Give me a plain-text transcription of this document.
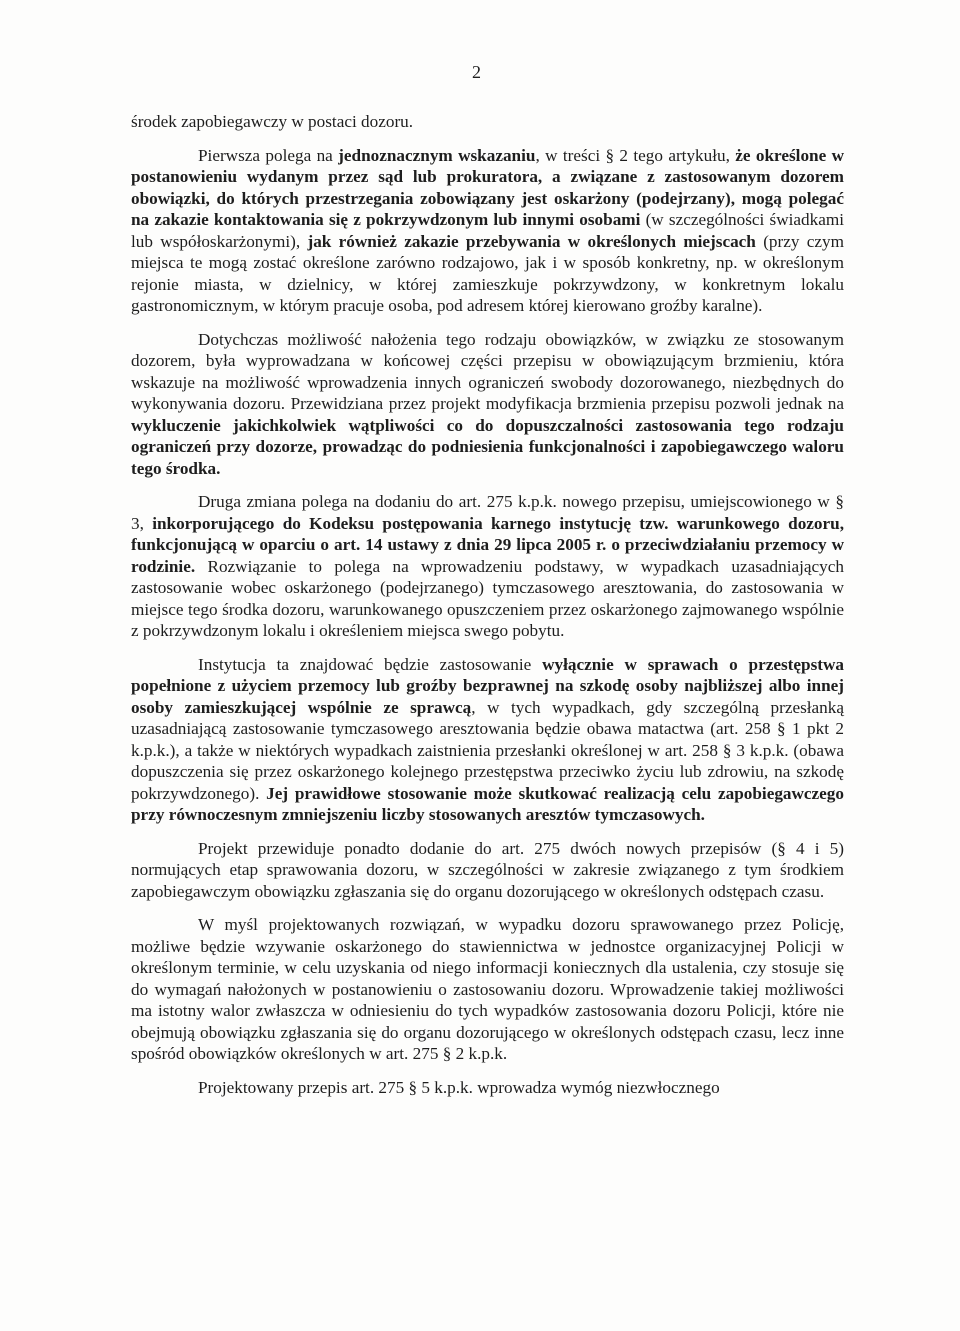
2

środek zapobiegawczy w postaci dozoru.

Pierwsza polega na jednoznacznym wskazaniu, w treści § 2 tego artykułu, że określone w postanowieniu wydanym przez sąd lub prokuratora, a związane z zastosowanym dozorem obowiązki, do których przestrzegania zobowiązany jest oskarżony (podejrzany), mogą polegać na zakazie kontaktowania się z pokrzywdzonym lub innymi osobami (w szczególności świadkami lub współoskarżonymi), jak również zakazie przebywania w określonych miejscach (przy czym miejsca te mogą zostać określone zarówno rodzajowo, jak i w sposób konkretny, np. w określonym rejonie miasta, w dzielnicy, w której zamieszkuje pokrzywdzony, w konkretnym lokalu gastronomicznym, w którym pracuje osoba, pod adresem której kierowano groźby karalne).

Dotychczas możliwość nałożenia tego rodzaju obowiązków, w związku ze stosowanym dozorem, była wyprowadzana w końcowej części przepisu w obowiązującym brzmieniu, która wskazuje na możliwość wprowadzenia innych ograniczeń swobody dozorowanego, niezbędnych do wykonywania dozoru. Przewidziana przez projekt modyfikacja brzmienia przepisu pozwoli jednak na wykluczenie jakichkolwiek wątpliwości co do dopuszczalności zastosowania tego rodzaju ograniczeń przy dozorze, prowadząc do podniesienia funkcjonalności i zapobiegawczego waloru tego środka.

Druga zmiana polega na dodaniu do art. 275 k.p.k. nowego przepisu, umiejscowionego w § 3, inkorporującego do Kodeksu postępowania karnego instytucję tzw. warunkowego dozoru, funkcjonującą w oparciu o art. 14 ustawy z dnia 29 lipca 2005 r. o przeciwdziałaniu przemocy w rodzinie. Rozwiązanie to polega na wprowadzeniu podstawy, w wypadkach uzasadniających zastosowanie wobec oskarżonego (podejrzanego) tymczasowego aresztowania, do zastosowania w miejsce tego środka dozoru, warunkowanego opuszczeniem przez oskarżonego zajmowanego wspólnie z pokrzywdzonym lokalu i określeniem miejsca swego pobytu.

Instytucja ta znajdować będzie zastosowanie wyłącznie w sprawach o przestępstwa popełnione z użyciem przemocy lub groźby bezprawnej na szkodę osoby najbliższej albo innej osoby zamieszkującej wspólnie ze sprawcą, w tych wypadkach, gdy szczególną przesłanką uzasadniającą zastosowanie tymczasowego aresztowania będzie obawa matactwa (art. 258 § 1 pkt 2 k.p.k.), a także w niektórych wypadkach zaistnienia przesłanki określonej w art. 258 § 3 k.p.k. (obawa dopuszczenia się przez oskarżonego kolejnego przestępstwa przeciwko życiu lub zdrowiu, na szkodę pokrzywdzonego). Jej prawidłowe stosowanie może skutkować realizacją celu zapobiegawczego przy równoczesnym zmniejszeniu liczby stosowanych aresztów tymczasowych.

Projekt przewiduje ponadto dodanie do art. 275 dwóch nowych przepisów (§ 4 i 5) normujących etap sprawowania dozoru, w szczególności w zakresie związanego z tym środkiem zapobiegawczym obowiązku zgłaszania się do organu dozorującego w określonych odstępach czasu.

W myśl projektowanych rozwiązań, w wypadku dozoru sprawowanego przez Policję, możliwe będzie wzywanie oskarżonego do stawiennictwa w jednostce organizacyjnej Policji w określonym terminie, w celu uzyskania od niego informacji koniecznych dla ustalenia, czy stosuje się do wymagań nałożonych w postanowieniu o zastosowaniu dozoru. Wprowadzenie takiej możliwości ma istotny walor zwłaszcza w odniesieniu do tych wypadków zastosowania dozoru Policji, które nie obejmują obowiązku zgłaszania się do organu dozorującego w określonych odstępach czasu, lecz inne spośród obowiązków określonych w art. 275 § 2 k.p.k.

Projektowany przepis art. 275 § 5 k.p.k. wprowadza wymóg niezwłocznego
